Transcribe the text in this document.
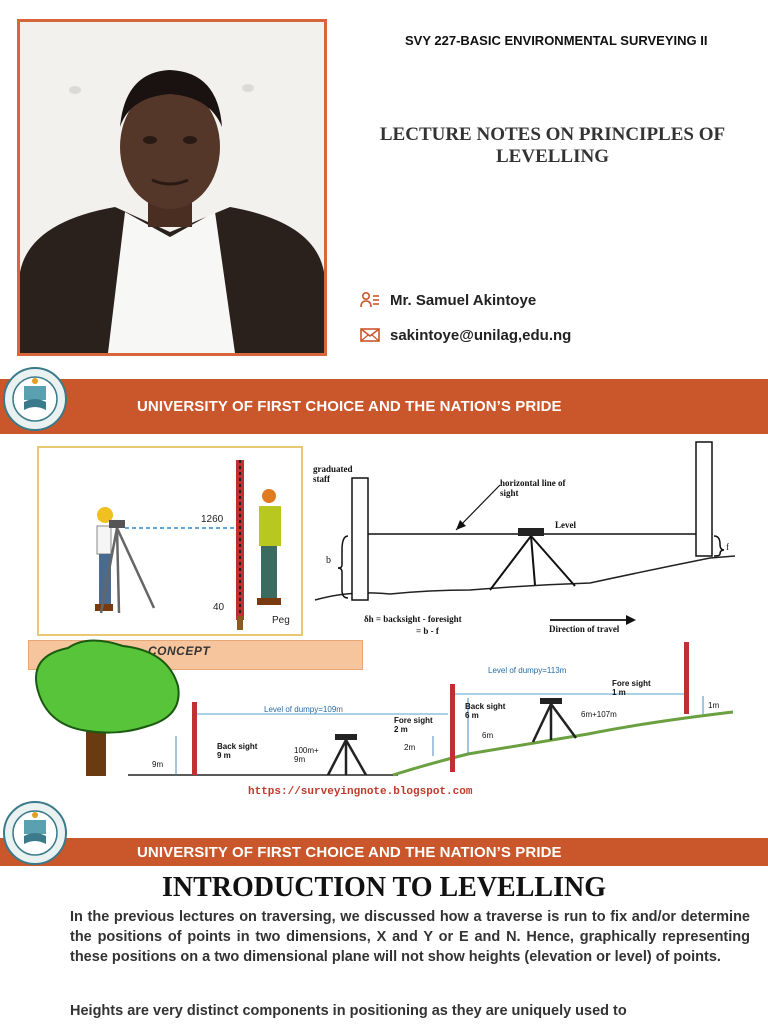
SVY 227-BASIC ENVIRONMENTAL SURVEYING II
LECTURE NOTES ON PRINCIPLES OF LEVELLING
Mr. Samuel Akintoye
sakintoye@unilag,edu.ng
UNIVERSITY OF FIRST CHOICE AND THE NATION’S PRIDE
1260
40
Peg
graduated staff	horizontal line of sight
Level
b
f
δh = backsight - foresight
= b - f	Direction of travel
CONCEPT
Level of dumpy=109m
Level of dumpy=113m
Back sight
9 m
Fore sight
2 m
Back sight
6 m
Fore sight
1 m
9m
100m+
9m
2m
6m
6m+107m
1m
https://surveyingnote.blogspot.com
UNIVERSITY OF FIRST CHOICE AND THE NATION’S PRIDE
INTRODUCTION TO LEVELLING
In the previous lectures on traversing, we discussed how a traverse is run to fix and/or determine the positions of points in two dimensions, X and Y or E and N. Hence, graphically representing these positions on a two dimensional plane will not show heights (elevation or level) of points.
Heights are very distinct components in positioning as they are uniquely used to
